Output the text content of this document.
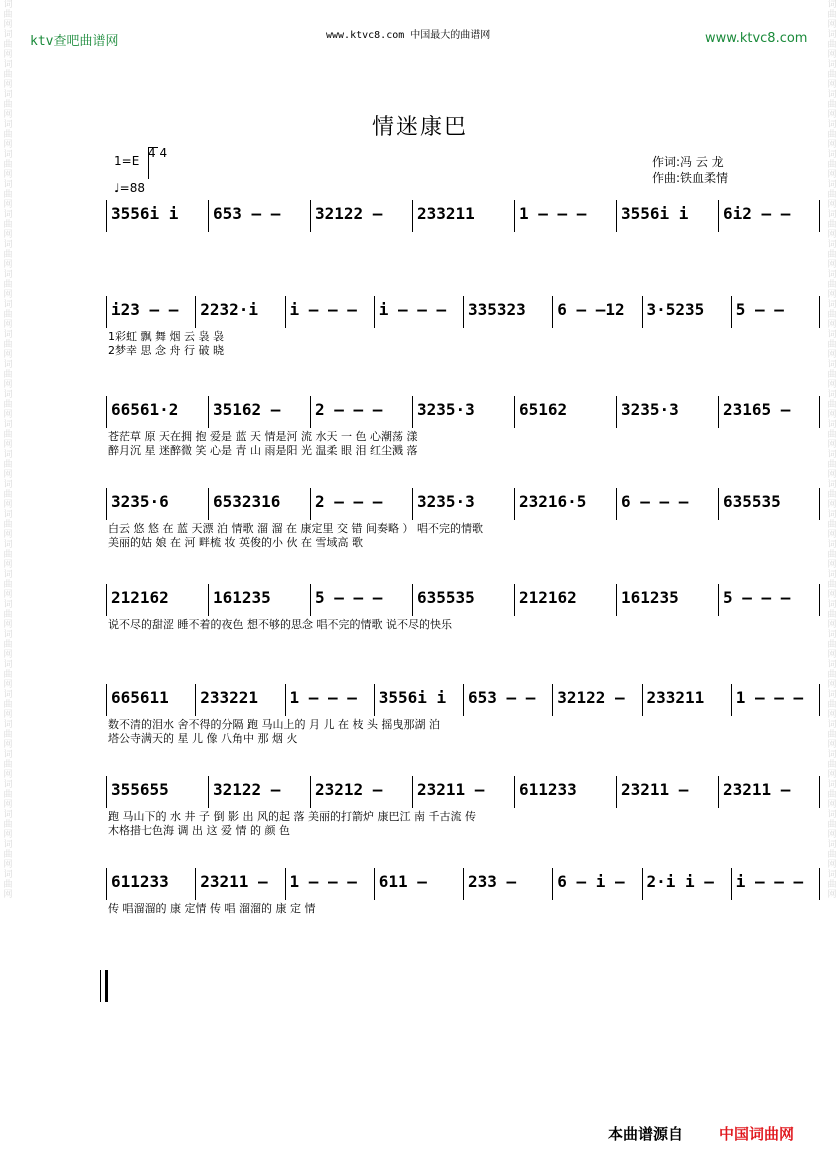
词曲网词曲网词曲网词曲网词曲网词曲网词曲网词曲网词曲网词曲网词曲网词曲网词曲网词曲网词曲网词曲网词曲网词曲网词曲网词曲网词曲网词曲网词曲网词曲网词曲网词曲网词曲网词曲网词曲网词曲网
词曲网词曲网词曲网词曲网词曲网词曲网词曲网词曲网词曲网词曲网词曲网词曲网词曲网词曲网词曲网词曲网词曲网词曲网词曲网词曲网词曲网词曲网词曲网词曲网词曲网词曲网词曲网词曲网词曲网词曲网
ktv查吧曲谱网	www.ktvc8.com 中国最大的曲谱网	www.ktvc8.com
情迷康巴
1=E
4 4
♩=88
作词:冯 云 龙
作曲:铁血柔情
3556i i	653 – –	32122 –	233211	1 – – –	3556i i	6i2 – –
i23 – –	2232·i	i – – –	i – – –	335323	6 – –12	3·5235	5 – –
1彩虹 飘 舞 烟 云 袅 袅
2梦幸 思 念 舟 行 破 晓
66561·2	35162 –	2 – – –	3235·3	65162	3235·3	23165 –
苍茫草 原 天在拥 抱 爱是 蓝 天 情是河 流 水天 一 色 心潮荡 漾
醉月沉 星 迷醉微 笑 心是 青 山 雨是阳 光 温柔 眼 泪 红尘溅 落
3235·6	6532316	2 – – –	3235·3	23216·5	6 – – –	635535
白云 悠 悠 在 蓝 天漂 泊 情歌 溜 溜 在 康定里 交 错 间奏略 ） 唱不完的情歌
美丽的姑 娘 在 河 畔梳 妆 英俊的小 伙 在 雪域高 歌
212162	161235	5 – – –	635535	212162	161235	5 – – –
说不尽的甜涩 睡不着的夜色 想不够的思念 唱不完的情歌 说不尽的快乐
665611	233221	1 – – –	3556i i	653 – –	32122 –	233211	1 – – –
数不清的泪水 舍不得的分隔 跑 马山上的 月 儿 在 枝 头 摇曳那湖 泊
塔公寺满天的 星 儿 像 八角中 那 烟 火
355655	32122 –	23212 –	23211 –	611233	23211 –	23211 –
跑 马山下的 水 井 子 倒 影 出 风的起 落 美丽的打箭炉 康巴江 南 千古流 传
木格措七色海 调 出 这 爱 情 的 颜 色
611233	23211 –	1 – – –	611 –	233 –	6 – i –	2·i i –	i – – –
传 唱溜溜的 康 定情 传 唱 溜溜的 康 定 情
本曲谱源自 中国词曲网
